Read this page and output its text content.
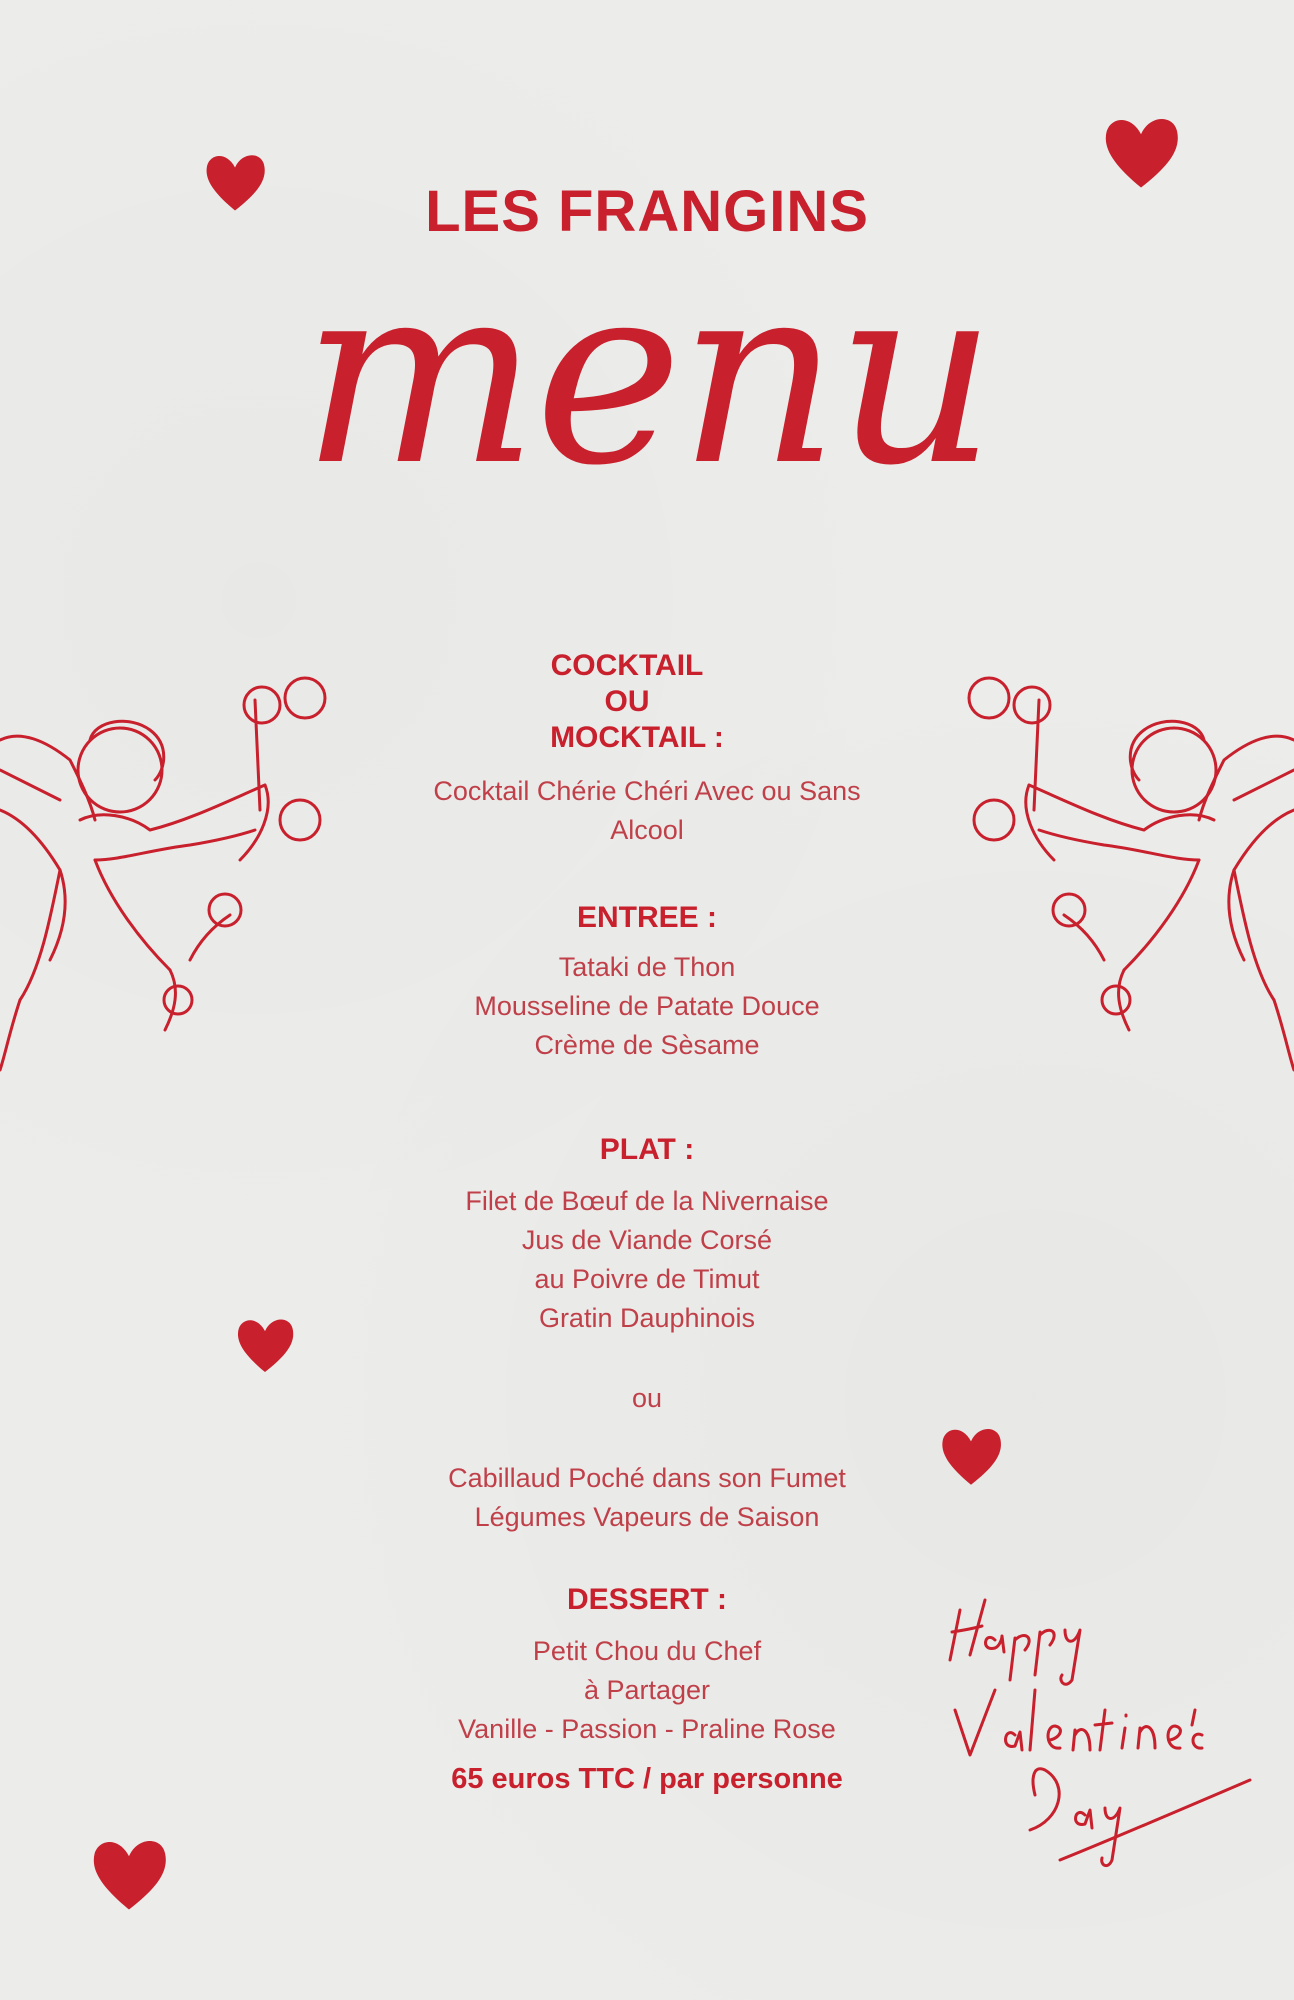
LES FRANGINS
menu
COCKTAIL
OU
MOCKTAIL :
Cocktail Chérie Chéri Avec ou Sans
Alcool
ENTREE :
Tataki de Thon
Mousseline de Patate Douce
Crème de Sèsame
PLAT :
Filet de Bœuf de la Nivernaise
Jus de Viande Corsé
au Poivre de Timut
Gratin Dauphinois
ou
Cabillaud Poché dans son Fumet
Légumes Vapeurs de Saison
DESSERT :
Petit Chou du Chef
à Partager
Vanille - Passion - Praline Rose
65 euros TTC / par personne
